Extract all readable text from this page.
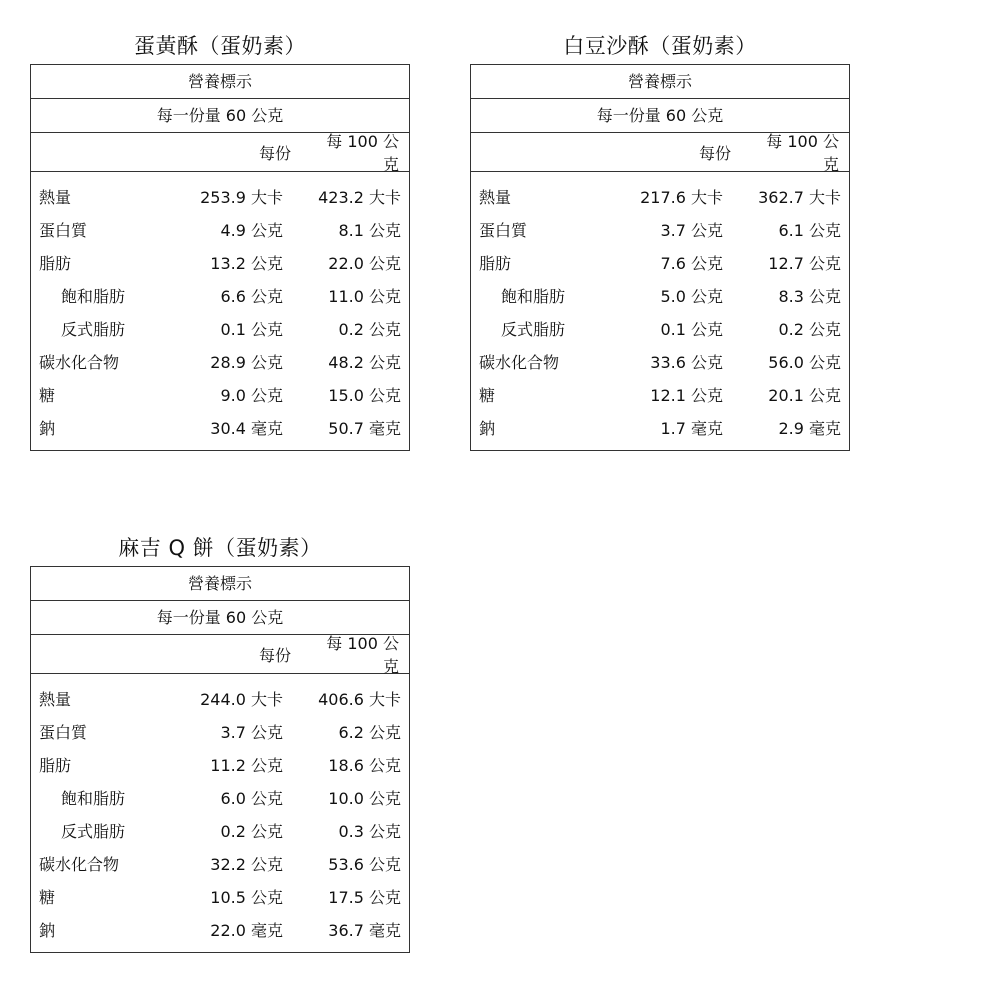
蛋黃酥（蛋奶素）
營養標示
每一份量 60 公克
每份
每 100 公克
熱量	253.9 大卡	423.2 大卡
蛋白質	4.9 公克	8.1 公克
脂肪	13.2 公克	22.0 公克
飽和脂肪	6.6 公克	11.0 公克
反式脂肪	0.1 公克	0.2 公克
碳水化合物	28.9 公克	48.2 公克
糖	9.0 公克	15.0 公克
鈉	30.4 毫克	50.7 毫克
白豆沙酥（蛋奶素）
營養標示
每一份量 60 公克
每份
每 100 公克
熱量	217.6 大卡	362.7 大卡
蛋白質	3.7 公克	6.1 公克
脂肪	7.6 公克	12.7 公克
飽和脂肪	5.0 公克	8.3 公克
反式脂肪	0.1 公克	0.2 公克
碳水化合物	33.6 公克	56.0 公克
糖	12.1 公克	20.1 公克
鈉	1.7 毫克	2.9 毫克
麻吉 Q 餅（蛋奶素）
營養標示
每一份量 60 公克
每份
每 100 公克
熱量	244.0 大卡	406.6 大卡
蛋白質	3.7 公克	6.2 公克
脂肪	11.2 公克	18.6 公克
飽和脂肪	6.0 公克	10.0 公克
反式脂肪	0.2 公克	0.3 公克
碳水化合物	32.2 公克	53.6 公克
糖	10.5 公克	17.5 公克
鈉	22.0 毫克	36.7 毫克
